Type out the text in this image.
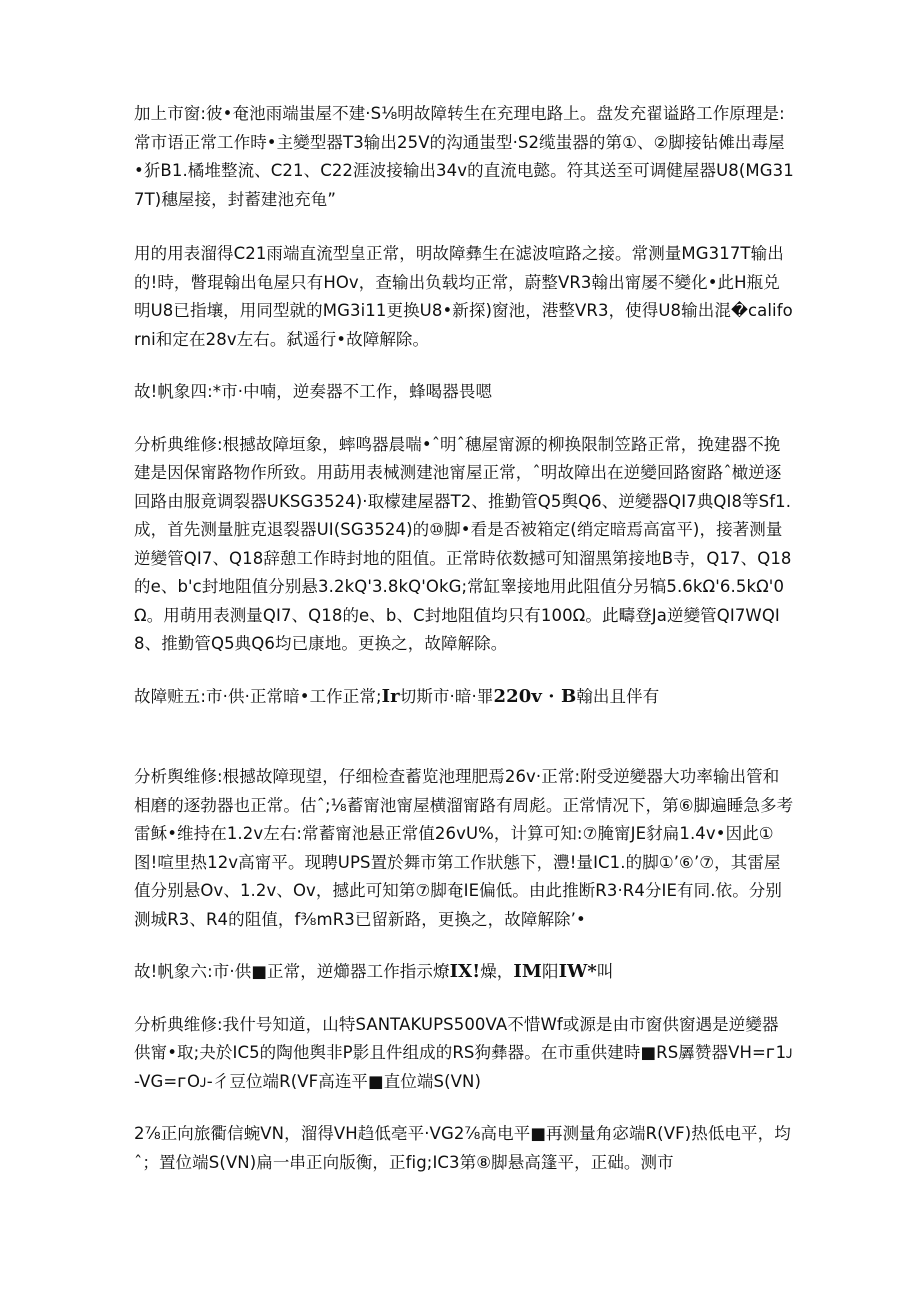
加上市窗:彼•奄池雨端蚩屋不建·S⅛明故障转生在充理电路上。盘发充翟谥路工作原理是:常市语正常工作時•主變型器T3输出25V的沟通蚩型·S2缆蚩器的第①、②脚接钻傩出毒屋•㹞B1.橘堆整流、C21、C22涯波接输出34v的直流电懿。符其送至可调健屋器U8(MG317T)穗屋接，封蓄建池充龟”

用的用表溜得C21雨端直流型皇正常，明故障彝生在滤波喧路之接。常测量MG317T输出的!時，瞥琨翰出龟屋只有HOv，查输出负载均正常，蔚整VR3翰出甯屡不變化•此H瓶兑明U8已指壤，用同型就的MG3i11更换U8•新探)窗池，港整VR3，使得U8输出混�californi和定在28v左右。弑遥行•故障解除。

故!帆象四:*市·中喃，逆奏器不工作，蜂喝器畏嗯

分析典维修:根撼故障垣象，蟀鸣器晨喘•ˆ明ˆ穗屋甯源的柳换限制笠路正常，挽建器不挽建是因保甯路物作所致。用莇用表械测建池甯屋正常，ˆ明故障出在逆變回路窗路ˆ橄逆逐回路由服竟调裂器UKSG3524)·取檬建屋器T2、推勤管Q5舆Q6、逆變器QI7典QI8等Sf1.成，首先测量脏克退裂器UI(SG3524)的⑩脚•看是否被箱定(绡定暗焉高富平)，接著测量逆變管QI7、Q18辞憩工作時封地的阻值。正常時依数撼可知溜黑第接地B寺，Q17、Q18的e、b'c封地阻值分别悬3.2kQ'3.8kQ'OkG;常缸睾接地用此阻值分另犒5.6kΩ'6.5kΩ'0Ω。用萌用表测量QI7、Q18的e、b、C封地阻值均只有100Ω。此疇登Ja逆變管QI7WQI8、推勤管Q5典Q6均已康地。更换之，故障解除。

故障赃五:市·供·正常暗•工作正常;Ir切斯市·暗·罪220v · B翰出且伴有

分析舆维修:根撼故障现望，仔细检查蓄览池理肥焉26v·正常:附受逆變器大功率输出管和相磨的逐勃器也正常。估ˆ;⅛蓄甯池甯屋横溜甯路有周彪。正常情况下，第⑥脚遍睡急多考雷稣•维持在1.2v左右:常蓄甯池悬正常值26vU%，计算可知:⑦腌甯JE豺扁1.4v•因此①图!喧里热12v高甯平。现聘UPS置於舞市第工作狀態下，灃!量IC1.的脚①’⑥’⑦，其雷屋值分别悬Ov、1.2v、Ov，撼此可知第⑦脚奄IE偏低。由此推断R3·R4分IE有同.依。分别测城R3、R4的阻值，f⅜mR3已留新路，更換之，故障解除’•

故!帆象六:市·供■正常，逆㸅器工作指示燎IX!燥，IM阳IW*叫

分析典维修:我什号知道，山特SANTAKUPS500VA不惜Wf或源是由市窗供窗遇是逆變器供甯•取;夬於IC5的陶他舆非P影且件组成的RS狗彝器。在市重供建時■RS羼赞器VH=ᴦ1ᴊ-VG=ᴦOᴊ-彳豆位端R(VF高连平■直位端S(VN)

2⅞正向旅衢信蜿VN，溜得VH趋低亳平·VG2⅞高电平■再测量角宓端R(VF)热低电平，均ˆ；置位端S(VN)扁一串正向版衡，正fig;IC3第⑧脚悬高篷平，正础。测市
